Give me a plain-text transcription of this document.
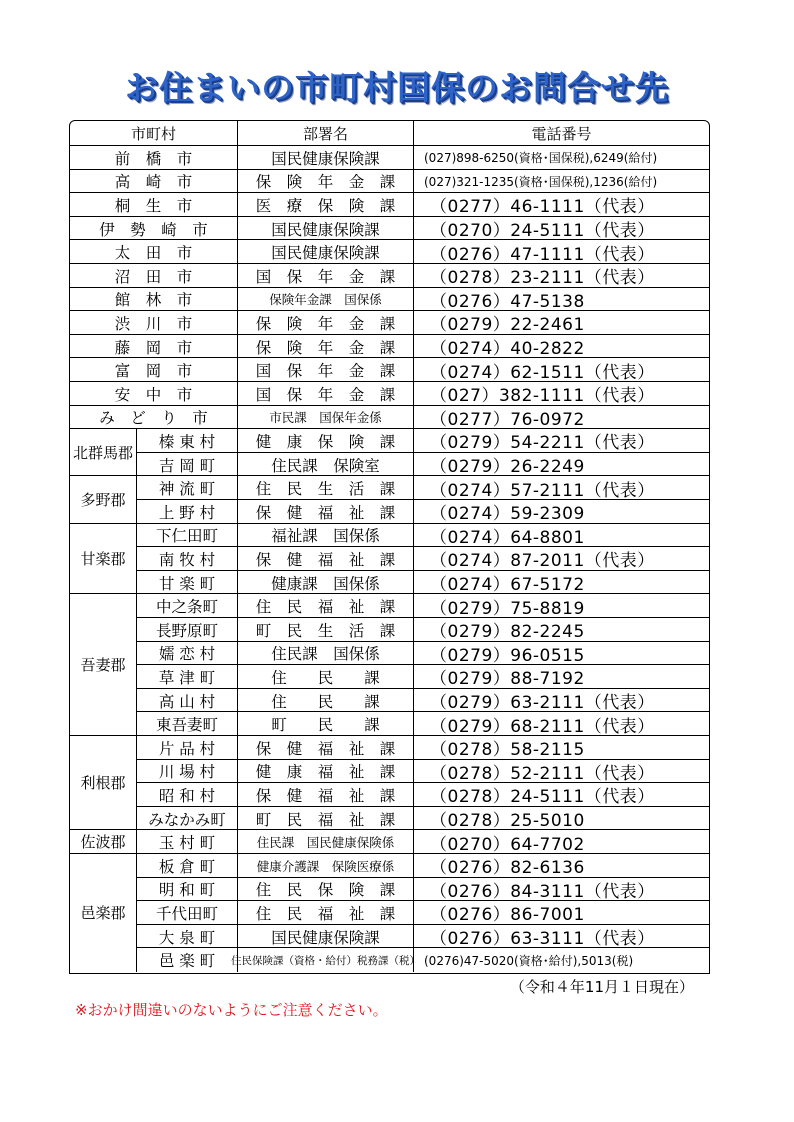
お住まいの市町村国保のお問合せ先
市町村	部署名	電話番号
前　橋　市	国民健康保険課	(027)898-6250(資格･国保税),6249(給付)
高　崎　市	保　険　年　金　課	(027)321-1235(資格･国保税),1236(給付)
桐　生　市	医　療　保　険　課	（0277）46-1111（代表）
伊　勢　崎　市	国民健康保険課	（0270）24-5111（代表）
太　田　市	国民健康保険課	（0276）47-1111（代表）
沼　田　市	国　保　年　金　課	（0278）23-2111（代表）
館　林　市	保険年金課　国保係	（0276）47-5138
渋　川　市	保　険　年　金　課	（0279）22-2461
藤　岡　市	保　険　年　金　課	（0274）40-2822
富　岡　市	国　保　年　金　課	（0274）62-1511（代表）
安　中　市	国　保　年　金　課	（027）382-1111（代表）
み　ど　り　市	市民課　国保年金係	（0277）76-0972
北群馬郡
榛 東 村	健　康　保　険　課	（0279）54-2211（代表）
吉 岡 町	住民課　保険室	（0279）26-2249
多野郡
神 流 町	住　民　生　活　課	（0274）57-2111（代表）
上 野 村	保　健　福　祉　課	（0274）59-2309
甘楽郡
下仁田町	福祉課　国保係	（0274）64-8801
南 牧 村	保　健　福　祉　課	（0274）87-2011（代表）
甘 楽 町	健康課　国保係	（0274）67-5172
吾妻郡
中之条町	住　民　福　祉　課	（0279）75-8819
長野原町	町　民　生　活　課	（0279）82-2245
嬬 恋 村	住民課　国保係	（0279）96-0515
草 津 町	住　　民　　課	（0279）88-7192
高 山 村	住　　民　　課	（0279）63-2111（代表）
東吾妻町	町　　民　　課	（0279）68-2111（代表）
利根郡
片 品 村	保　健　福　祉　課	（0278）58-2115
川 場 村	健　康　福　祉　課	（0278）52-2111（代表）
昭 和 村	保　健　福　祉　課	（0278）24-5111（代表）
みなかみ町	町　民　福　祉　課	（0278）25-5010
佐波郡	玉 村 町	住民課　国民健康保険係	（0270）64-7702
邑楽郡
板 倉 町	健康介護課　保険医療係	（0276）82-6136
明 和 町	住　民　保　険　課	（0276）84-3111（代表）
千代田町	住　民　福　祉　課	（0276）86-7001
大 泉 町	国民健康保険課	（0276）63-3111（代表）
邑 楽 町	住民保険課（資格・給付）税務課（税） (0276)47-5020(資格･給付),5013(税)
（令和４年11月１日現在）
※おかけ間違いのないようにご注意ください。
